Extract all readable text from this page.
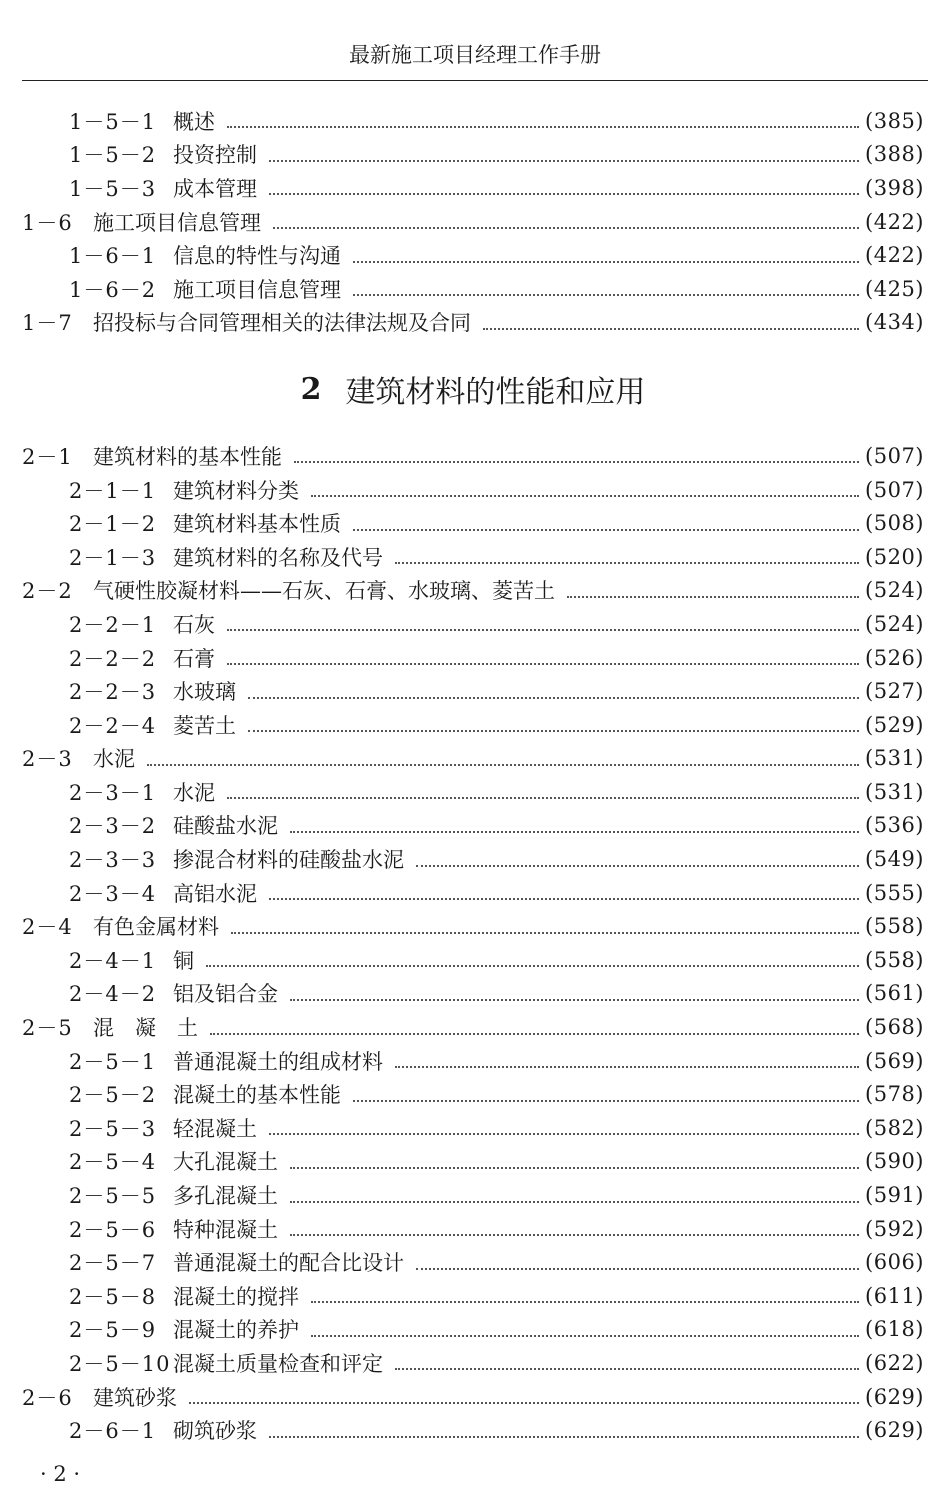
最新施工项目经理工作手册
1－5－1 概述	(385)
1－5－2 投资控制	(388)
1－5－3 成本管理	(398)
1－6 施工项目信息管理	(422)
1－6－1 信息的特性与沟通	(422)
1－6－2 施工项目信息管理	(425)
1－7 招投标与合同管理相关的法律法规及合同	(434)
2 建筑材料的性能和应用
2－1 建筑材料的基本性能	(507)
2－1－1 建筑材料分类	(507)
2－1－2 建筑材料基本性质	(508)
2－1－3 建筑材料的名称及代号	(520)
2－2 气硬性胶凝材料——石灰、石膏、水玻璃、菱苦土	(524)
2－2－1 石灰	(524)
2－2－2 石膏	(526)
2－2－3 水玻璃	(527)
2－2－4 菱苦土	(529)
2－3 水泥	(531)
2－3－1 水泥	(531)
2－3－2 硅酸盐水泥	(536)
2－3－3 掺混合材料的硅酸盐水泥	(549)
2－3－4 高铝水泥	(555)
2－4 有色金属材料	(558)
2－4－1 铜	(558)
2－4－2 铝及铝合金	(561)
2－5 混　凝　土	(568)
2－5－1 普通混凝土的组成材料	(569)
2－5－2 混凝土的基本性能	(578)
2－5－3 轻混凝土	(582)
2－5－4 大孔混凝土	(590)
2－5－5 多孔混凝土	(591)
2－5－6 特种混凝土	(592)
2－5－7 普通混凝土的配合比设计	(606)
2－5－8 混凝土的搅拌	(611)
2－5－9 混凝土的养护	(618)
2－5－10 混凝土质量检查和评定	(622)
2－6 建筑砂浆	(629)
2－6－1 砌筑砂浆	(629)
· 2 ·
